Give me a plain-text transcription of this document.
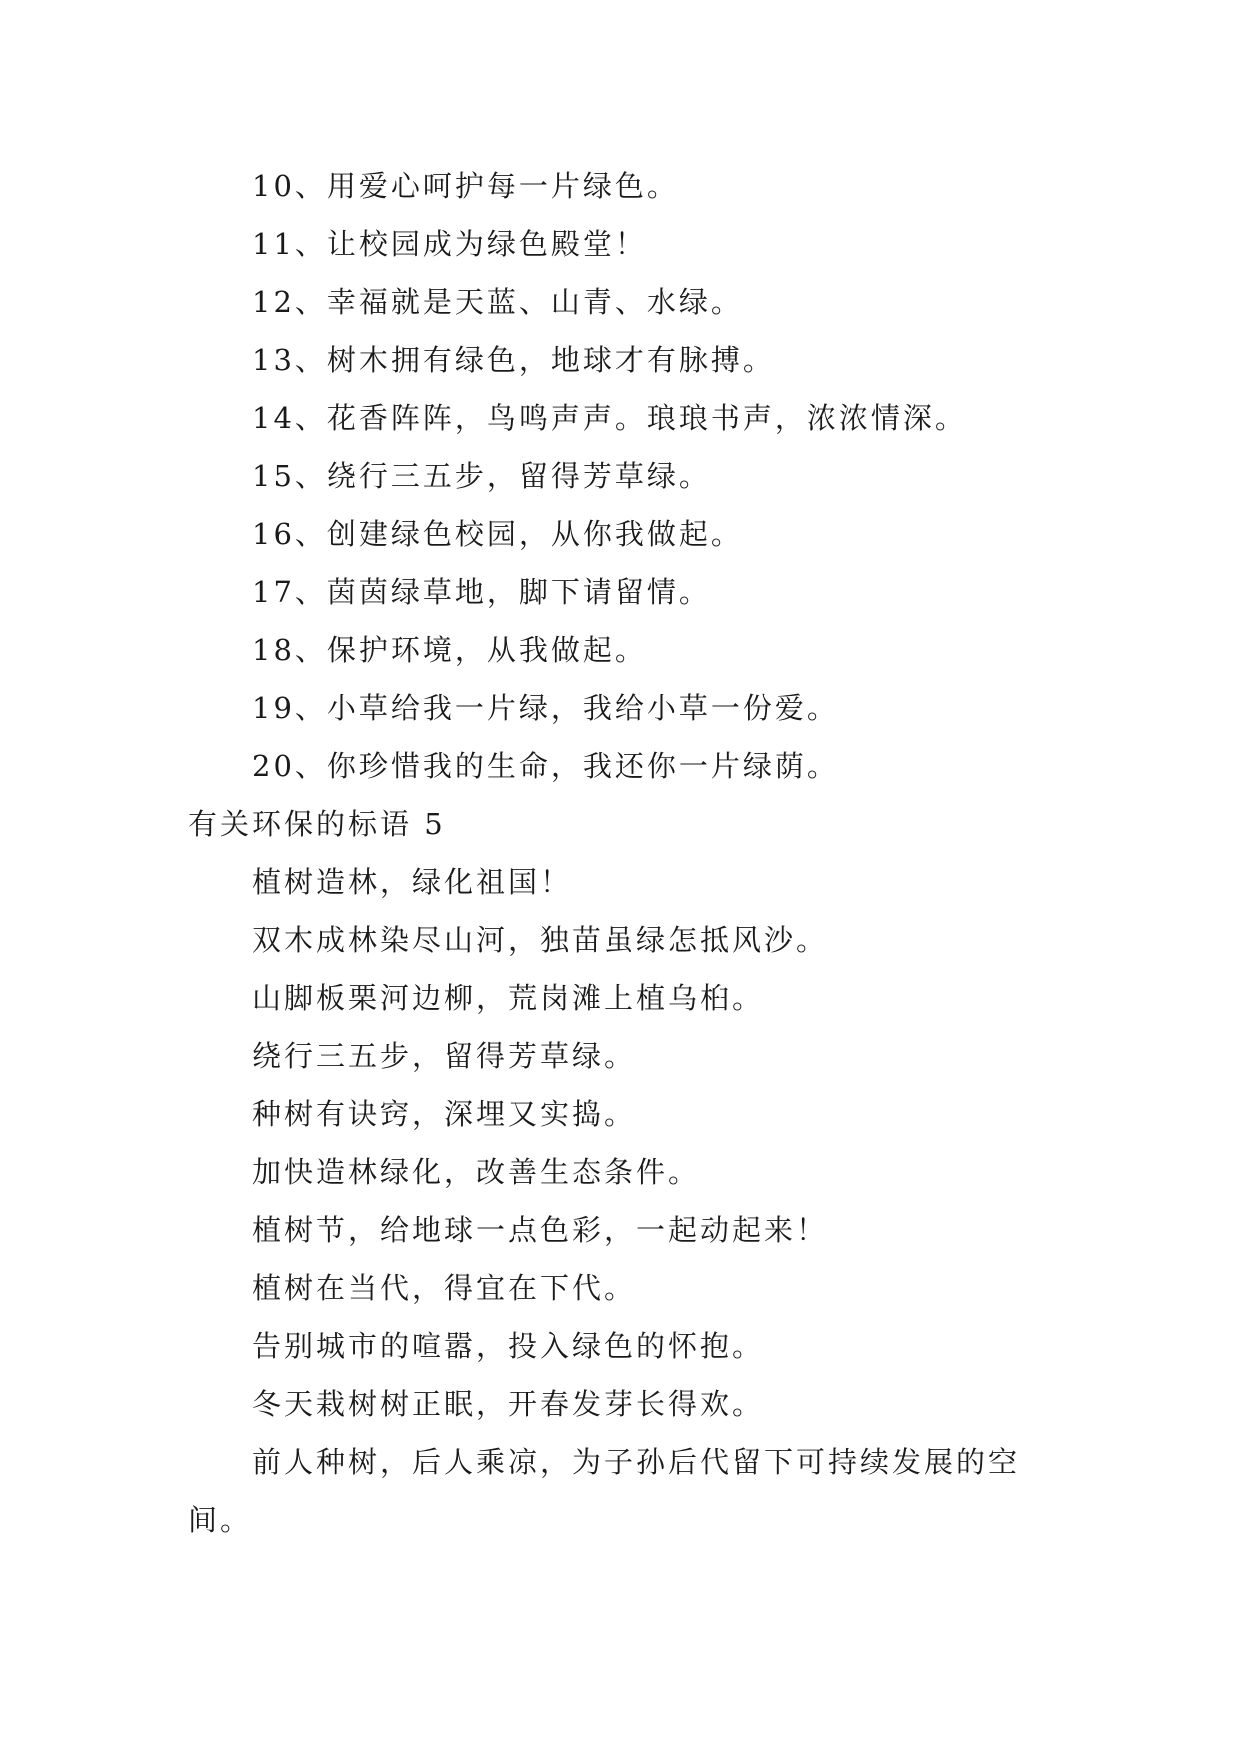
10、用爱心呵护每一片绿色。
11、让校园成为绿色殿堂！
12、幸福就是天蓝、山青、水绿。
13、树木拥有绿色，地球才有脉搏。
14、花香阵阵，鸟鸣声声。琅琅书声，浓浓情深。
15、绕行三五步，留得芳草绿。
16、创建绿色校园，从你我做起。
17、茵茵绿草地，脚下请留情。
18、保护环境，从我做起。
19、小草给我一片绿，我给小草一份爱。
20、你珍惜我的生命，我还你一片绿荫。
有关环保的标语 5
植树造林，绿化祖国！
双木成林染尽山河，独苗虽绿怎抵风沙。
山脚板栗河边柳，荒岗滩上植乌桕。
绕行三五步，留得芳草绿。
种树有诀窍，深埋又实捣。
加快造林绿化，改善生态条件。
植树节，给地球一点色彩，一起动起来！
植树在当代，得宜在下代。
告别城市的喧嚣，投入绿色的怀抱。
冬天栽树树正眠，开春发芽长得欢。
前人种树，后人乘凉，为子孙后代留下可持续发展的空
间。
